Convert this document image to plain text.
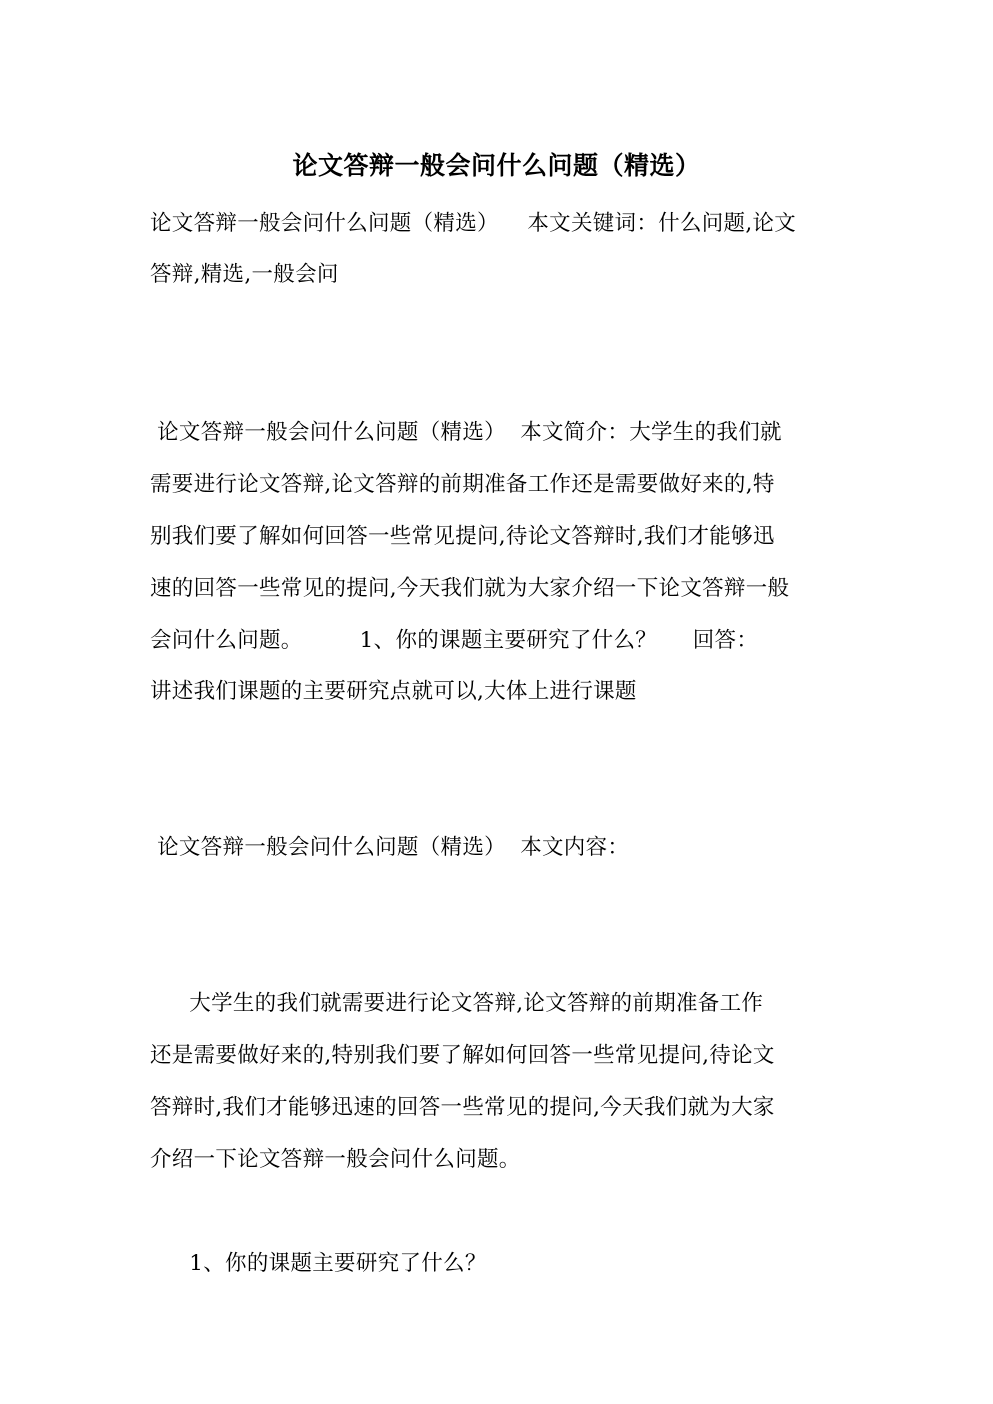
论文答辩一般会问什么问题（精选）
论文答辩一般会问什么问题（精选）    本文关键词：什么问题,论文
答辩,精选,一般会问
论文答辩一般会问什么问题（精选）  本文简介：大学生的我们就
需要进行论文答辩,论文答辩的前期准备工作还是需要做好来的,特
别我们要了解如何回答一些常见提问,待论文答辩时,我们才能够迅
速的回答一些常见的提问,今天我们就为大家介绍一下论文答辩一般
会问什么问题。        1、你的课题主要研究了什么？     回答：
讲述我们课题的主要研究点就可以,大体上进行课题
论文答辩一般会问什么问题（精选）  本文内容：
大学生的我们就需要进行论文答辩,论文答辩的前期准备工作
还是需要做好来的,特别我们要了解如何回答一些常见提问,待论文
答辩时,我们才能够迅速的回答一些常见的提问,今天我们就为大家
介绍一下论文答辩一般会问什么问题。
1、你的课题主要研究了什么？
